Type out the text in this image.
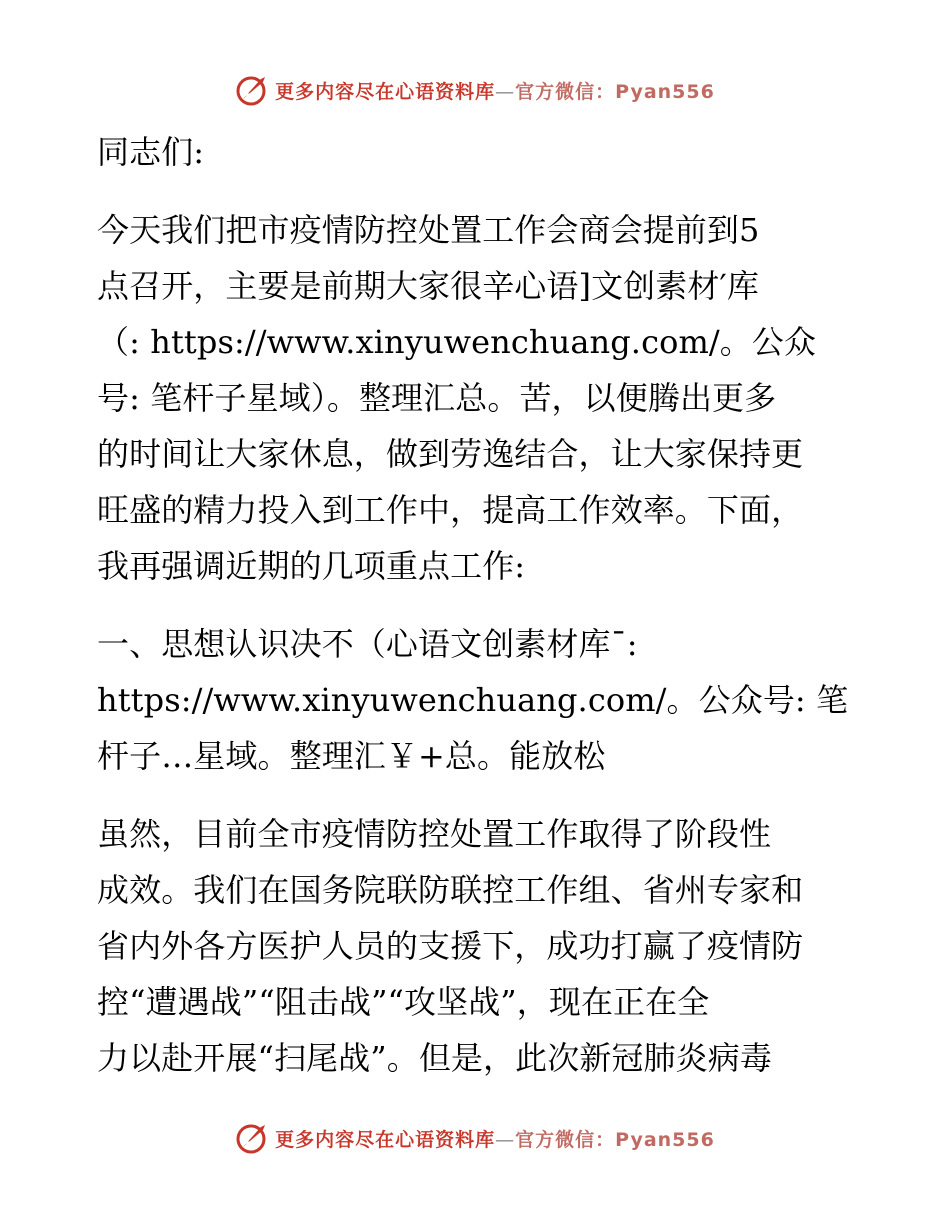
更多内容尽在心语资料库—官方微信：Pyan556

同志们:

今天我们把市疫情防控处置工作会商会提前到5
点召开，主要是前期大家很辛心语]文创素材′库
（: https://www.xinyuwenchuang.com/。公众
号: 笔杆子星域）。整理汇总。苦，以便腾出更多
的时间让大家休息，做到劳逸结合，让大家保持更
旺盛的精力投入到工作中，提高工作效率。下面，
我再强调近期的几项重点工作:

一、思想认识决不（心语文创素材库¯:
https://www.xinyuwenchuang.com/。公众号: 笔
杆子…星域。整理汇￥+总。能放松

虽然，目前全市疫情防控处置工作取得了阶段性
成效。我们在国务院联防联控工作组、省州专家和
省内外各方医护人员的支援下，成功打赢了疫情防
控“遭遇战”“阻击战”“攻坚战”，现在正在全
力以赴开展“扫尾战”。但是，此次新冠肺炎病毒

更多内容尽在心语资料库—官方微信：Pyan556
